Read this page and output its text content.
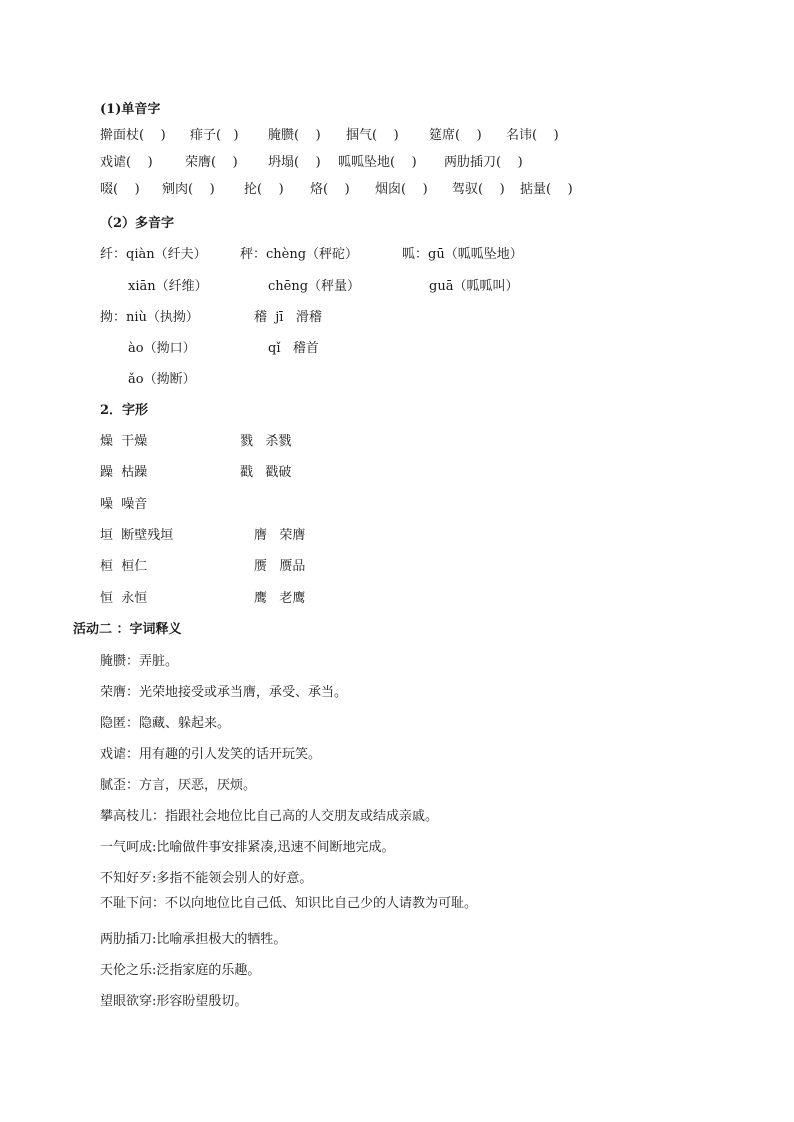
(1)单音字
擀面杖(    ) 痱子(   ) 腌臜(    ) 掴气(    ) 筵席(    ) 名讳(    )
戏谑(    ) 荣膺(    ) 坍塌(    ) 呱呱坠地(    ) 两肋插刀(    )
啜(    ) 剜肉(    ) 抡(    ) 烙(    ) 烟囱(    ) 驾驭(    ) 掂量(    )
（2）多音字
纤：qiàn（纤夫）	秤：chèng（秤砣）	呱：gū（呱呱坠地）
xiān（纤维）	chēng（秤量）	guā（呱呱叫）
拗：niù（执拗）	稽  jī   滑稽
ào（拗口）	qǐ   稽首
ǎo（拗断）
2．字形
燥  干燥	戮   杀戮
躁  枯躁	戳   戳破
噪  噪音
垣  断壁残垣	膺   荣膺
桓  桓仁	赝   赝品
恒  永恒	鹰   老鹰
活动二 ：字词释义
腌臜：弄脏。
荣膺：光荣地接受或承当膺，承受、承当。
隐匿：隐藏、躲起来。
戏谑：用有趣的引人发笑的话开玩笑。
腻歪：方言，厌恶，厌烦。
攀高枝儿：指跟社会地位比自己高的人交朋友或结成亲戚。
一气呵成:比喻做件事安排紧凑,迅速不间断地完成。
不知好歹:多指不能领会别人的好意。
不耻下问：不以向地位比自己低、知识比自己少的人请教为可耻。
两肋插刀:比喻承担极大的牺牲。
天伦之乐:泛指家庭的乐趣。
望眼欲穿:形容盼望殷切。
